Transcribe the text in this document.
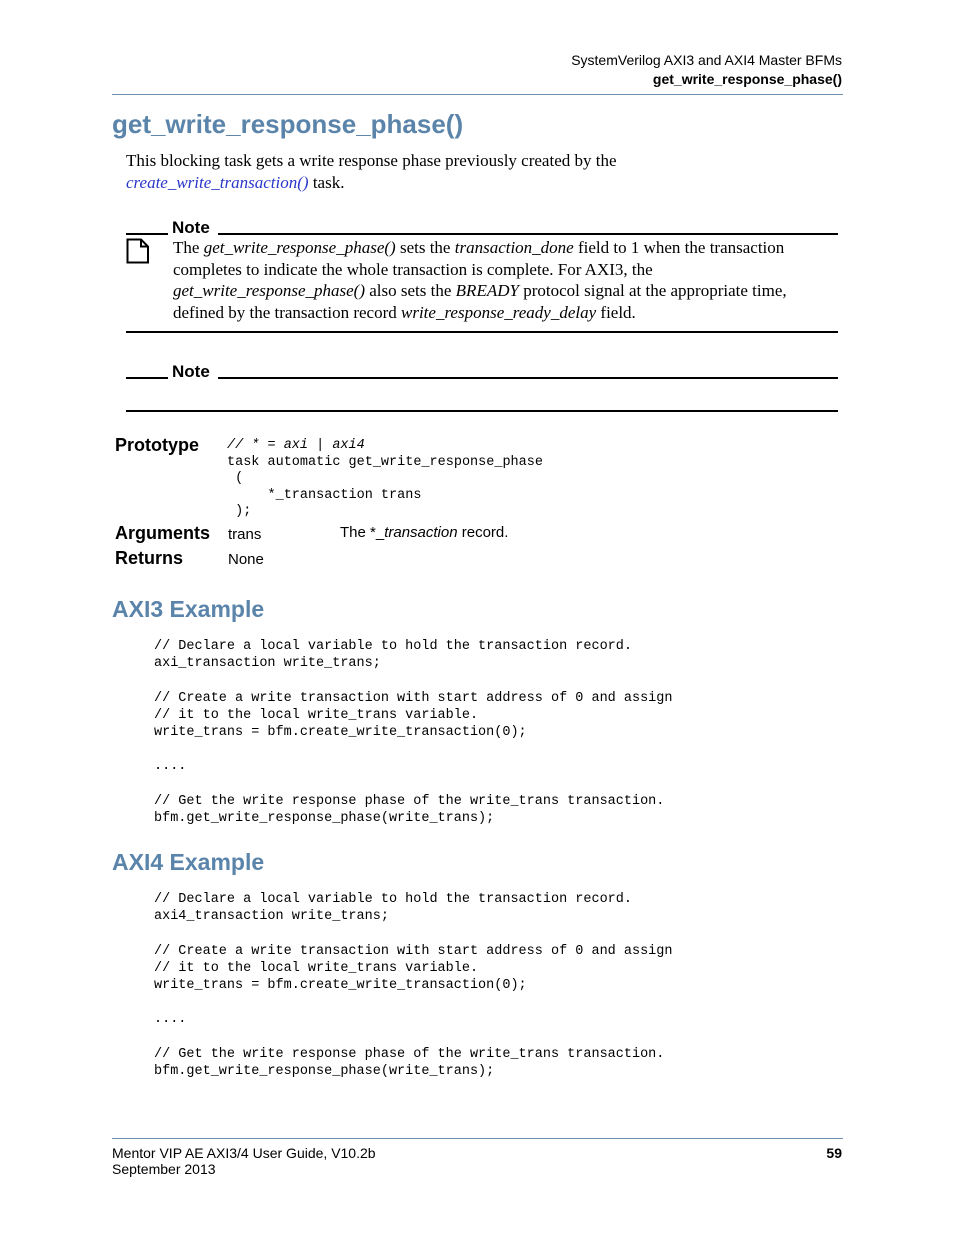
SystemVerilog AXI3 and AXI4 Master BFMs
get_write_response_phase()
get_write_response_phase()
This blocking task gets a write response phase previously created by the
create_write_transaction() task.
Note
The get_write_response_phase() sets the transaction_done field to 1 when the transaction completes to indicate the whole transaction is complete. For AXI3, the get_write_response_phase() also sets the BREADY protocol signal at the appropriate time, defined by the transaction record write_response_ready_delay field.
Note
Prototype // * = axi | axi4
task automatic get_write_response_phase
(
*_transaction trans
);
Arguments trans	The *_transaction record.
Returns	None
AXI3 Example
// Declare a local variable to hold the transaction record.
axi_transaction write_trans;

// Create a write transaction with start address of 0 and assign
// it to the local write_trans variable.
write_trans = bfm.create_write_transaction(0);

....

// Get the write response phase of the write_trans transaction.
bfm.get_write_response_phase(write_trans);
AXI4 Example
// Declare a local variable to hold the transaction record.
axi4_transaction write_trans;

// Create a write transaction with start address of 0 and assign
// it to the local write_trans variable.
write_trans = bfm.create_write_transaction(0);

....

// Get the write response phase of the write_trans transaction.
bfm.get_write_response_phase(write_trans);
Mentor VIP AE AXI3/4 User Guide, V10.2b
September 2013
59
